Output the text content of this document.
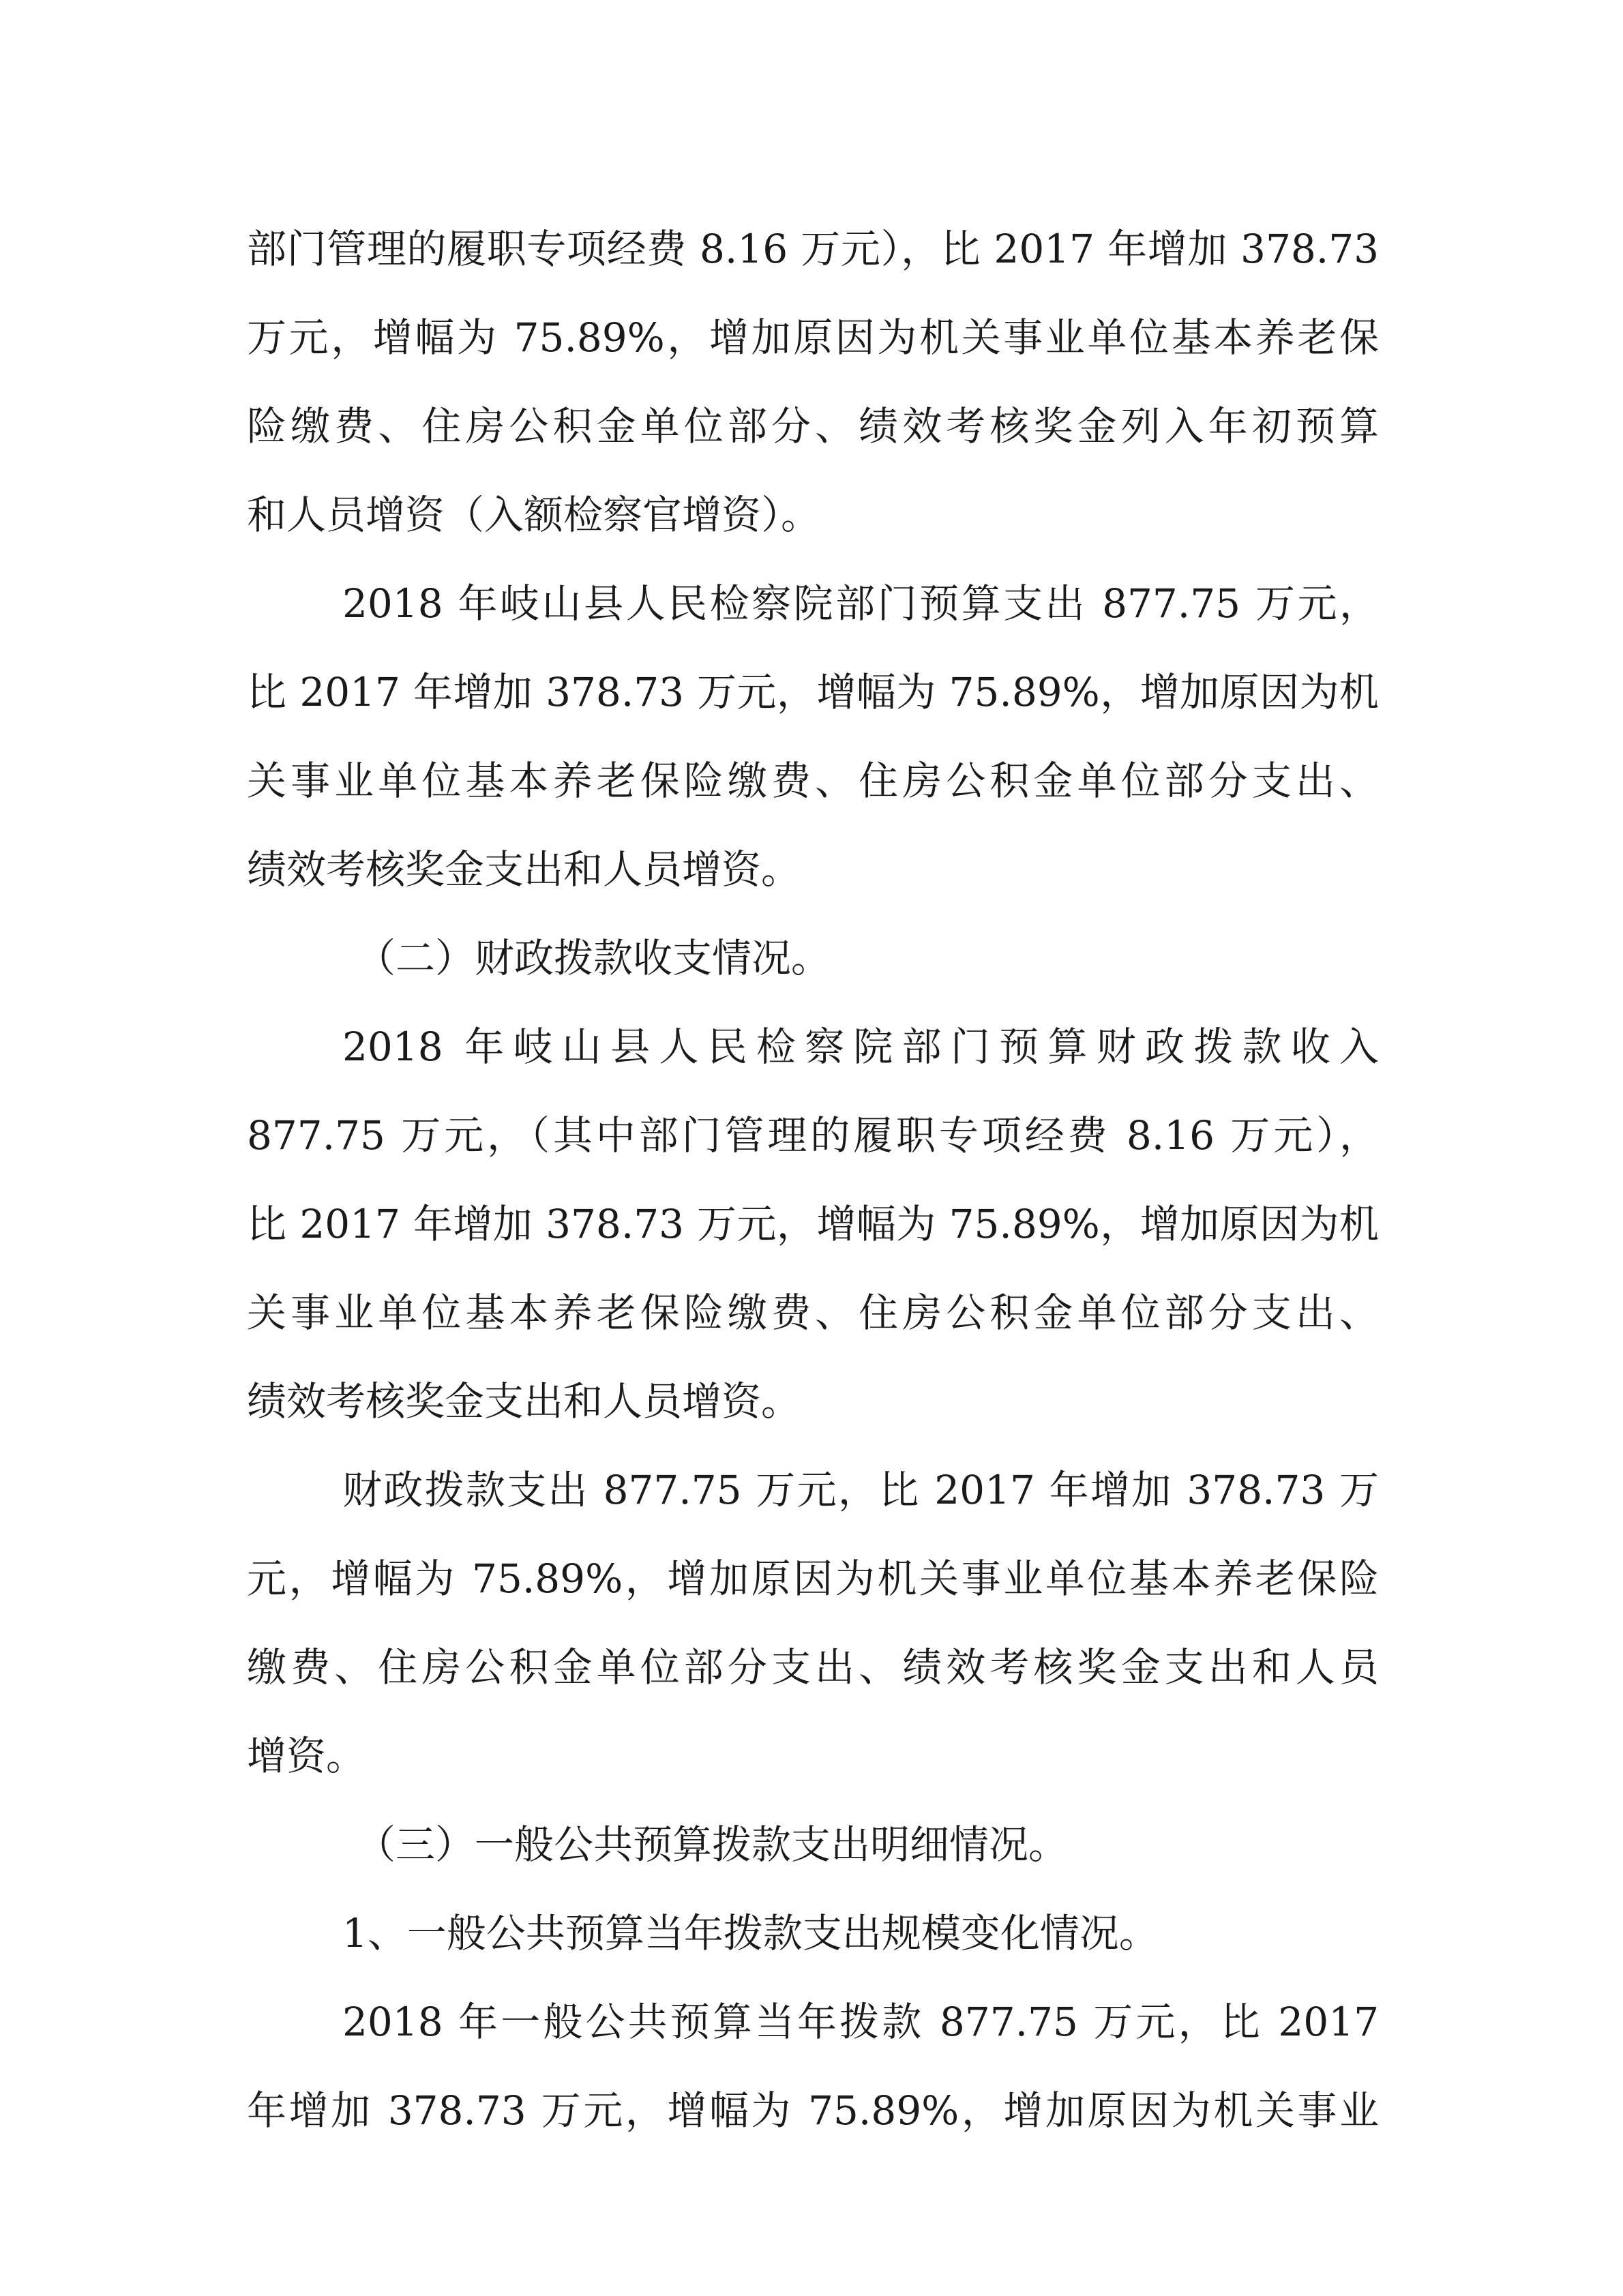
部门管理的履职专项经费 8.16 万元），比 2017 年增加 378.73
万元，增幅为 75.89%，增加原因为机关事业单位基本养老保
险缴费、住房公积金单位部分、绩效考核奖金列入年初预算
和人员增资（入额检察官增资）。
2018 年岐山县人民检察院部门预算支出 877.75 万元，
比 2017 年增加 378.73 万元，增幅为 75.89%，增加原因为机
关事业单位基本养老保险缴费、住房公积金单位部分支出、
绩效考核奖金支出和人员增资。
（二）财政拨款收支情况。
2018 年岐山县人民检察院部门预算财政拨款收入
877.75 万元，（其中部门管理的履职专项经费 8.16 万元），
比 2017 年增加 378.73 万元，增幅为 75.89%，增加原因为机
关事业单位基本养老保险缴费、住房公积金单位部分支出、
绩效考核奖金支出和人员增资。
财政拨款支出 877.75 万元，比 2017 年增加 378.73 万
元，增幅为 75.89%，增加原因为机关事业单位基本养老保险
缴费、住房公积金单位部分支出、绩效考核奖金支出和人员
增资。
（三）一般公共预算拨款支出明细情况。
1、一般公共预算当年拨款支出规模变化情况。
2018 年一般公共预算当年拨款 877.75 万元，比 2017
年增加 378.73 万元，增幅为 75.89%，增加原因为机关事业
